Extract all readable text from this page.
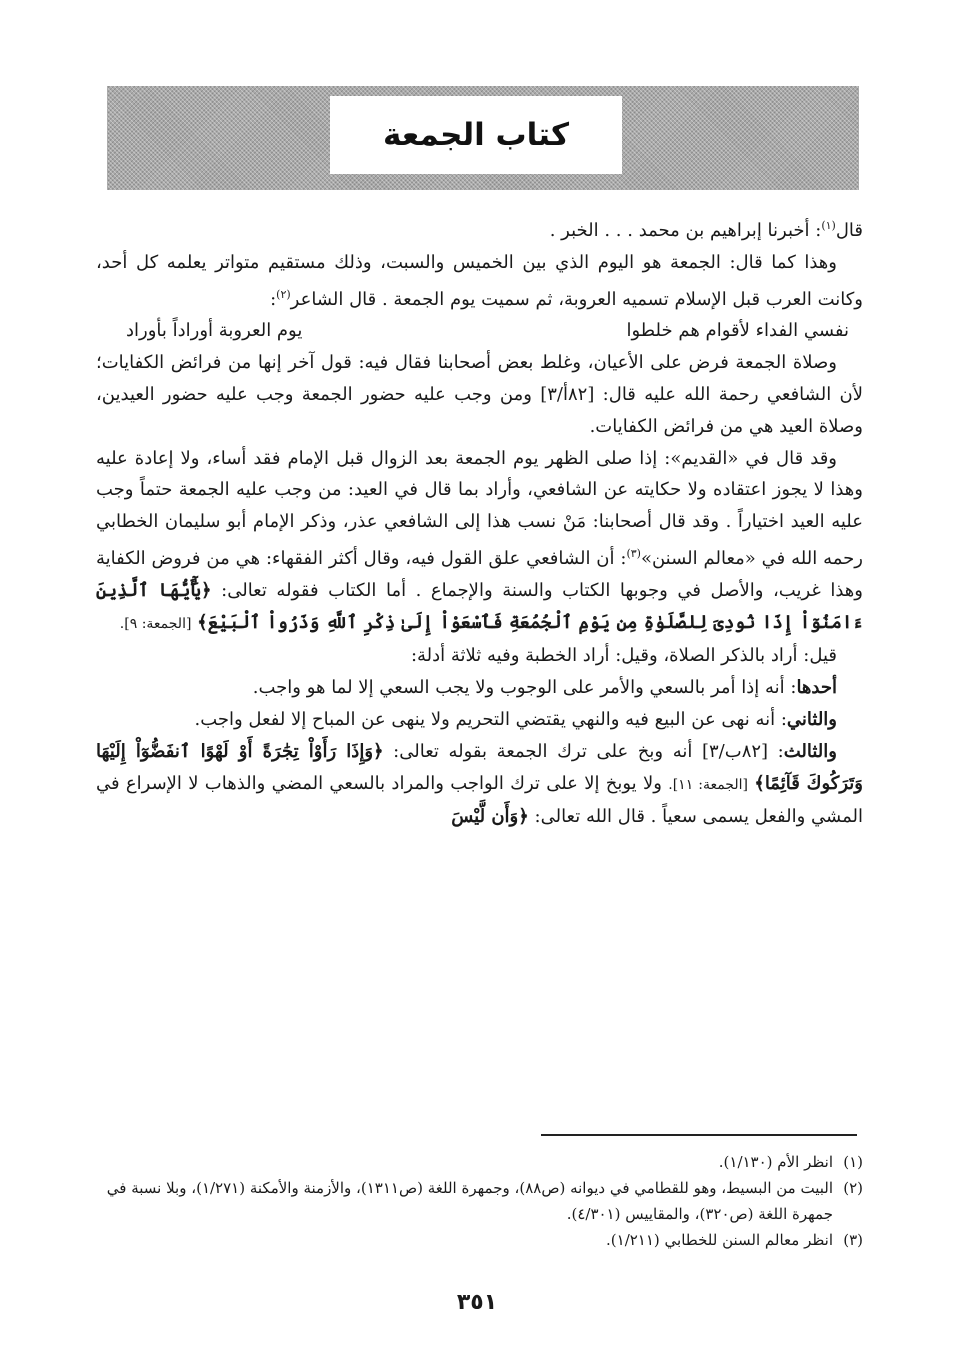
كتاب الجمعة

قال$^{(١)}$: أخبرنا إبراهيم بن محمد . . . الخبر .

وهذا كما قال: الجمعة هو اليوم الذي بين الخميس والسبت، وذلك مستقيم متواتر يعلمه كل أحد، وكانت العرب قبل الإسلام تسميه العروبة، ثم سميت يوم الجمعة . قال الشاعر$^{(٢)}$:

نفسي الفداء لأقوام هم خلطوا
يوم العروبة أوراداً بأوراد

وصلاة الجمعة فرض على الأعيان، وغلط بعض أصحابنا فقال فيه: قول آخر إنها من فرائض الكفايات؛ لأن الشافعي رحمة الله عليه قال: [٨٢أ/٣] ومن وجب عليه حضور الجمعة وجب عليه حضور العيدين، وصلاة العيد هي من فرائض الكفايات.

وقد قال في «القديم»: إذا صلى الظهر يوم الجمعة بعد الزوال قبل الإمام فقد أساء، ولا إعادة عليه وهذا لا يجوز اعتقاده ولا حكايته عن الشافعي، وأراد بما قال في العيد: من وجب عليه الجمعة حتماً وجب عليه العيد اختياراً . وقد قال أصحابنا: مَنْ نسب هذا إلى الشافعي عذر، وذكر الإمام أبو سليمان الخطابي رحمه الله في «معالم السنن»$^{(٣)}$: أن الشافعي علق القول فيه، وقال أكثر الفقهاء: هي من فروض الكفاية وهذا غريب، والأصل في وجوبها الكتاب والسنة والإجماع . أما الكتاب فقوله تعالى: ﴿يَٰٓأَيُّهَا ٱلَّذِينَ ءَامَنُوٓاْ إِذَا نُودِىَ لِلصَّلَوٰةِ مِن يَوْمِ ٱلْجُمُعَةِ فَٱسْعَوْاْ إِلَىٰ ذِكْرِ ٱللَّهِ وَذَرُواْ ٱلْبَيْعَ﴾ [الجمعة: ٩].

قيل: أراد بالذكر الصلاة، وقيل: أراد الخطبة وفيه ثلاثة أدلة:

أحدها: أنه إذا أمر بالسعي والأمر على الوجوب ولا يجب السعي إلا لما هو واجب.

والثاني: أنه نهى عن البيع فيه والنهي يقتضي التحريم ولا ينهى عن المباح إلا لفعل واجب.

والثالث: [٨٢ب/٣] أنه وبخ على ترك الجمعة بقوله تعالى: ﴿وَإِذَا رَأَوْاْ تِجَٰرَةً أَوْ لَهْوًا ٱنفَضُّوٓاْ إِلَيْهَا وَتَرَكُوكَ قَآئِمًا﴾ [الجمعة: ١١]. ولا يوبخ إلا على ترك الواجب والمراد بالسعي المضي والذهاب لا الإسراع في المشي والفعل يسمى سعياً . قال الله تعالى: ﴿وَأَن لَّيْسَ

(١)
انظر الأم (١/١٣٠).
(٢)
البيت من البسيط، وهو للقطامي في ديوانه (ص٨٨)، وجمهرة اللغة (ص١٣١١)، والأزمنة والأمكنة (١/٢٧١)، وبلا نسبة في جمهرة اللغة (ص٣٢٠)، والمقاييس (٤/٣٠١).
(٣)
انظر معالم السنن للخطابي (١/٢١١).
٣٥١
